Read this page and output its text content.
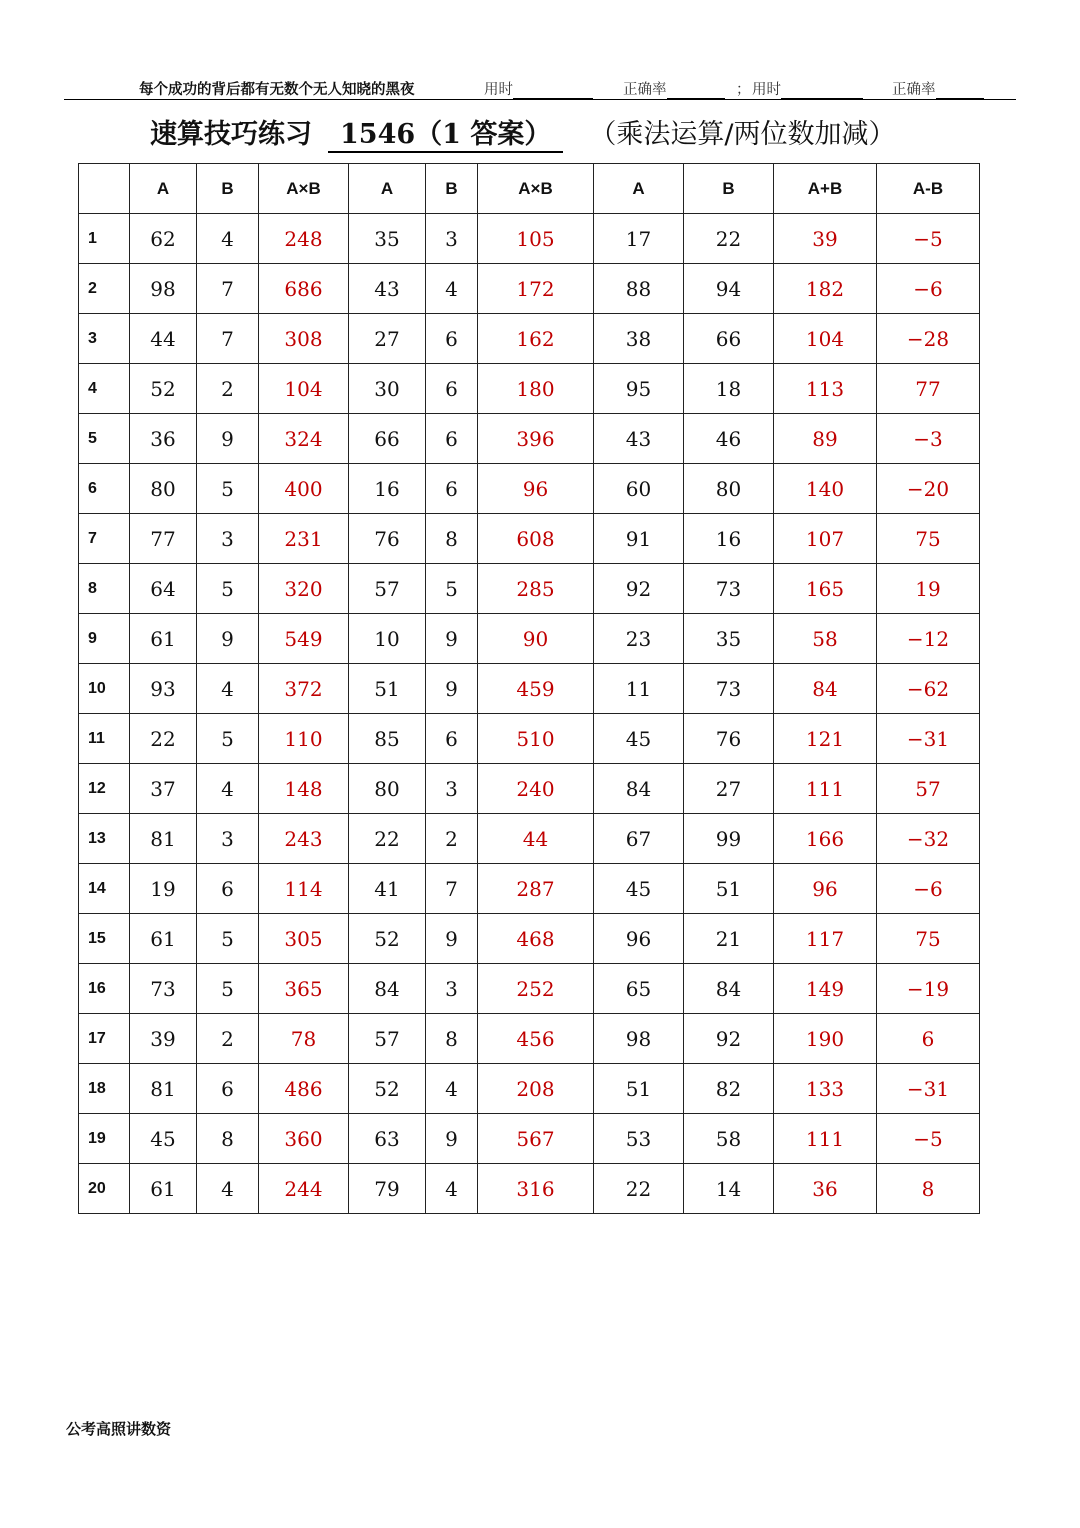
每个成功的背后都有无数个无人知晓的黑夜	用时	正确率	； 用时	正确率
速算技巧练习 1546（1 答案） （乘法运算/两位数加减）
	A	B	A×B	A	B	A×B	A	B	A+B	A-B
1	62	4	248	35	3	105	17	22	39	−5
2	98	7	686	43	4	172	88	94	182	−6
3	44	7	308	27	6	162	38	66	104	−28
4	52	2	104	30	6	180	95	18	113	77
5	36	9	324	66	6	396	43	46	89	−3
6	80	5	400	16	6	96	60	80	140	−20
7	77	3	231	76	8	608	91	16	107	75
8	64	5	320	57	5	285	92	73	165	19
9	61	9	549	10	9	90	23	35	58	−12
10	93	4	372	51	9	459	11	73	84	−62
11	22	5	110	85	6	510	45	76	121	−31
12	37	4	148	80	3	240	84	27	111	57
13	81	3	243	22	2	44	67	99	166	−32
14	19	6	114	41	7	287	45	51	96	−6
15	61	5	305	52	9	468	96	21	117	75
16	73	5	365	84	3	252	65	84	149	−19
17	39	2	78	57	8	456	98	92	190	6
18	81	6	486	52	4	208	51	82	133	−31
19	45	8	360	63	9	567	53	58	111	−5
20	61	4	244	79	4	316	22	14	36	8
公考高照讲数资
